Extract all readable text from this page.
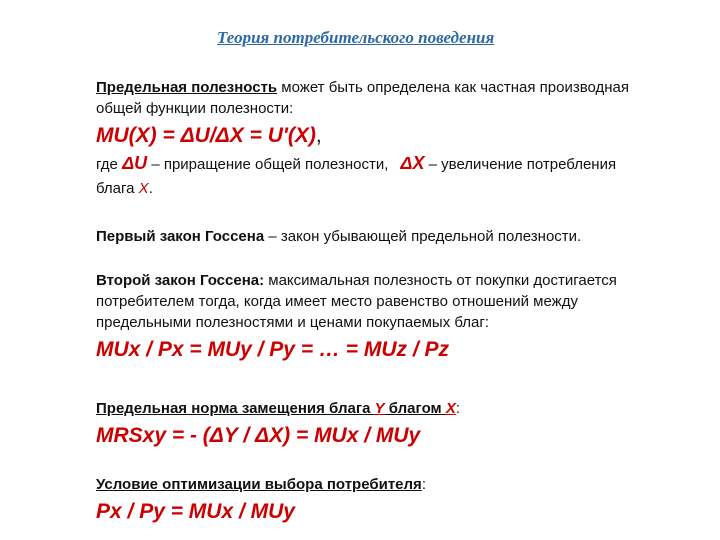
Теория потребительского поведения
Предельная полезность может быть определена как частная производная
общей функции полезности:
MU(X) = ΔU/ΔX = U'(X),
где ΔU – приращение общей полезности, ΔX – увеличение потребления
блага X.
Первый закон Госсена – закон убывающей предельной полезности.
Второй закон Госсена: максимальная полезность от покупки достигается
потребителем тогда, когда имеет место равенство отношений между
предельными полезностями и ценами покупаемых благ:
MUx / Px = MUy / Py = … = MUz / Pz
Предельная норма замещения блага Y благом X:
MRSxy = - (ΔY / ΔX) = MUx / MUy
Условие оптимизации выбора потребителя:
Px / Py = MUx / MUy
